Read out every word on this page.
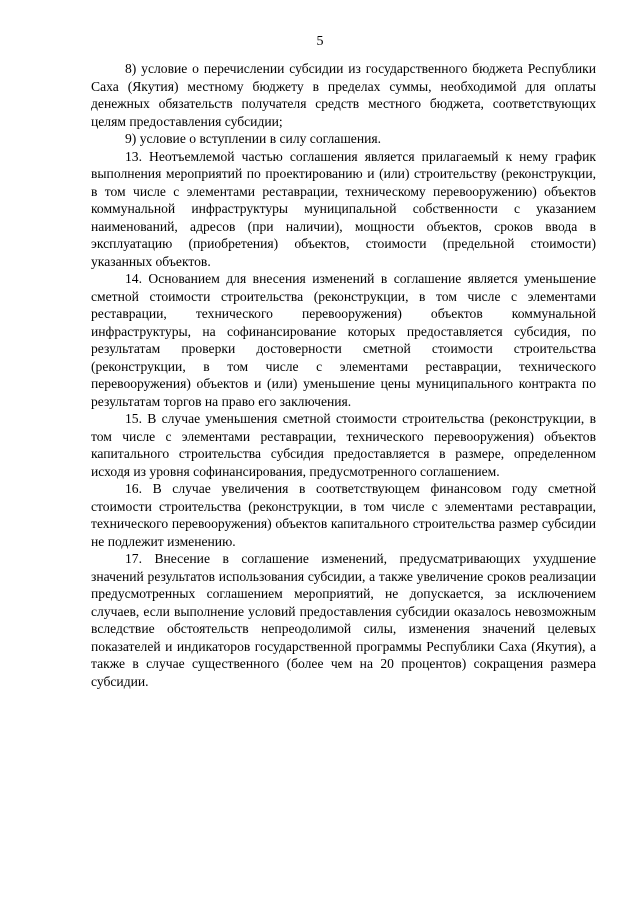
5

8) условие о перечислении субсидии из государственного бюджета Республики Саха (Якутия) местному бюджету в пределах суммы, необходимой для оплаты денежных обязательств получателя средств местного бюджета, соответствующих целям предоставления субсидии;

9) условие о вступлении в силу соглашения.

13. Неотъемлемой частью соглашения является прилагаемый к нему график выполнения мероприятий по проектированию и (или) строительству (реконструкции, в том числе с элементами реставрации, техническому перевооружению) объектов коммунальной инфраструктуры муниципальной собственности с указанием наименований, адресов (при наличии), мощности объектов, сроков ввода в эксплуатацию (приобретения) объектов, стоимости (предельной стоимости) указанных объектов.

14. Основанием для внесения изменений в соглашение является уменьшение сметной стоимости строительства (реконструкции, в том числе с элементами реставрации, технического перевооружения) объектов коммунальной инфраструктуры, на софинансирование которых предоставляется субсидия, по результатам проверки достоверности сметной стоимости строительства (реконструкции, в том числе с элементами реставрации, технического перевооружения) объектов и (или) уменьшение цены муниципального контракта по результатам торгов на право его заключения.

15. В случае уменьшения сметной стоимости строительства (реконструкции, в том числе с элементами реставрации, технического перевооружения) объектов капитального строительства субсидия предоставляется в размере, определенном исходя из уровня софинансирования, предусмотренного соглашением.

16. В случае увеличения в соответствующем финансовом году сметной стоимости строительства (реконструкции, в том числе с элементами реставрации, технического перевооружения) объектов капитального строительства размер субсидии не подлежит изменению.

17. Внесение в соглашение изменений, предусматривающих ухудшение значений результатов использования субсидии, а также увеличение сроков реализации предусмотренных соглашением мероприятий, не допускается, за исключением случаев, если выполнение условий предоставления субсидии оказалось невозможным вследствие обстоятельств непреодолимой силы, изменения значений целевых показателей и индикаторов государственной программы Республики Саха (Якутия), а также в случае существенного (более чем на 20 процентов) сокращения размера субсидии.
